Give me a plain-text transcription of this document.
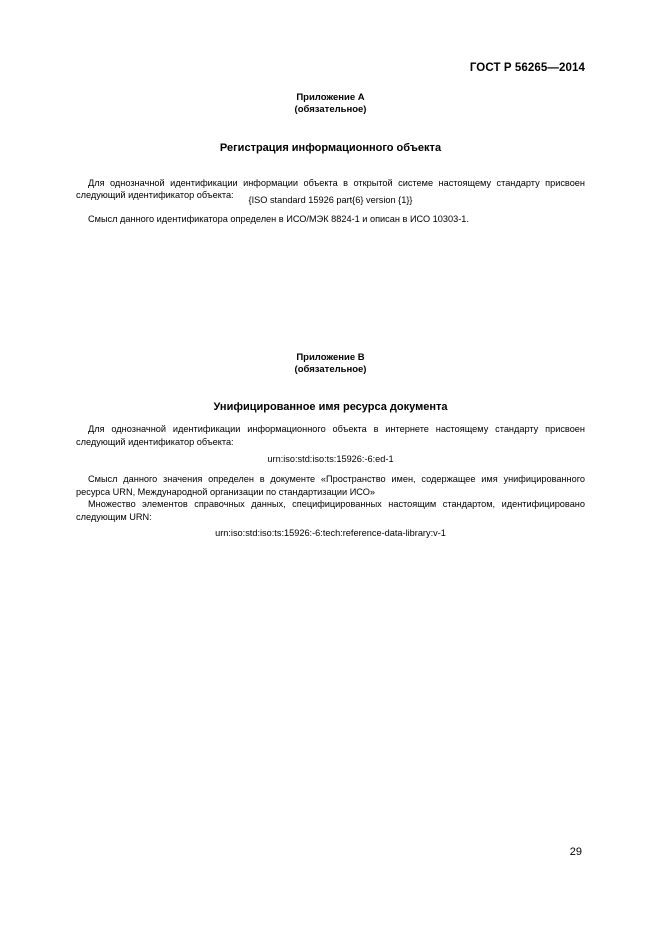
ГОСТ Р 56265—2014
Приложение А
(обязательное)
Регистрация информационного объекта

Для однозначной идентификации информации объекта в открытой системе настоящему стандарту присвоен следующий идентификатор объекта:	{ISO standard 15926 part{6} version {1}}
Смысл данного идентификатора определен в ИСО/МЭК 8824-1 и описан в ИСО 10303-1.
Приложение В
(обязательное)
Унифицированное имя ресурса документа
Для однозначной идентификации информационного объекта в интернете настоящему стандарту присвоен следующий идентификатор объекта:
urn:iso:std:iso:ts:15926:-6:ed-1
Смысл данного значения определен в документе «Пространство имен, содержащее имя унифицированного ресурса URN, Международной организации по стандартизации ИСО»
Множество элементов справочных данных, специфицированных настоящим стандартом, идентифицировано следующим URN:
urn:iso:std:iso:ts:15926:-6:tech:reference-data-library:v-1
29
